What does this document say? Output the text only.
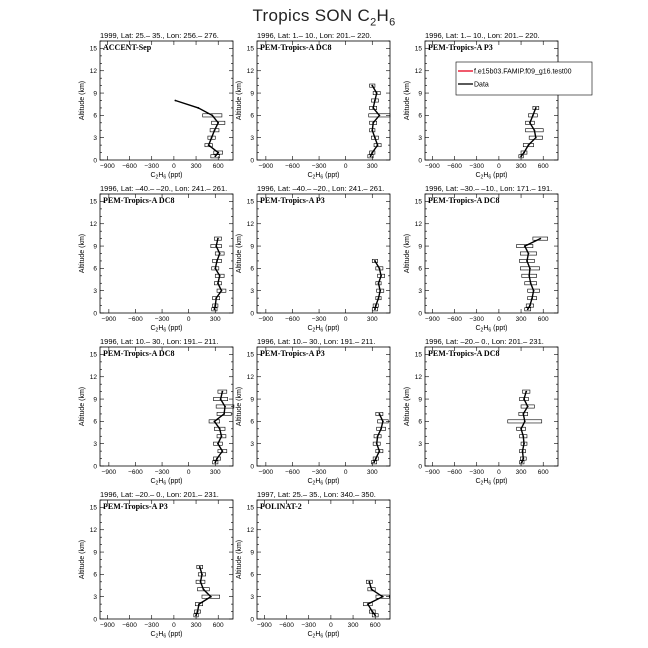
Tropics SON $C_2H_6$
1999, Lat: 25.– 35., Lon: 256.– 276.
ACCENT-Sep
−900 −600 −300 0 300 600
0
3
6
9
12
15
$C_2H_6$ (ppt)
Altitude (km)
1996, Lat: 1.– 10., Lon: 201.– 220.
PEM-Tropics-A DC8
−900 −600 −300	0	300
0
3
6
9
12
15
$C_2H_6$ (ppt)
Altitude (km)
1996, Lat: 1.– 10., Lon: 201.– 220.
PEM-Tropics-A P3
−900 −600 −300 0 300 600
0
3
6
9
12
15
$C_2H_6$ (ppt)
Altitude (km)
f.e15b03.FAMIP.f09_g16.test00
Data
1996, Lat: –40.– –20., Lon: 241.– 261.
PEM-Tropics-A DC8
−900 −600 −300	0	300
0
3
6
9
12
15
$C_2H_6$ (ppt)
Altitude (km)
1996, Lat: –40.– –20., Lon: 241.– 261.
PEM-Tropics-A P3
−900 −600 −300	0	300
0
3
6
9
12
15
$C_2H_6$ (ppt)
Altitude (km)
1996, Lat: –30.– –10., Lon: 171.– 191.
PEM-Tropics-A DC8
−900 −600 −300 0 300 600
0
3
6
9
12
15
$C_2H_6$ (ppt)
Altitude (km)
1996, Lat: 10.– 30., Lon: 191.– 211.
PEM-Tropics-A DC8
−900 −600 −300	0	300
0
3
6
9
12
15
$C_2H_6$ (ppt)
Altitude (km)
1996, Lat: 10.– 30., Lon: 191.– 211.
PEM-Tropics-A P3
−900 −600 −300	0	300
0
3
6
9
12
15
$C_2H_6$ (ppt)
Altitude (km)
1996, Lat: –20.– 0., Lon: 201.– 231.
PEM-Tropics-A DC8
−900 −600 −300 0 300 600
0
3
6
9
12
15
$C_2H_6$ (ppt)
Altitude (km)
1996, Lat: –20.– 0., Lon: 201.– 231.
PEM-Tropics-A P3
−900 −600 −300 0 300 600
0
3
6
9
12
15
$C_2H_6$ (ppt)
Altitude (km)
1997, Lat: 25.– 35., Lon: 340.– 350.
POLINAT-2
−900 −600 −300 0 300 600
0
3
6
9
12
15
$C_2H_6$ (ppt)
Altitude (km)
